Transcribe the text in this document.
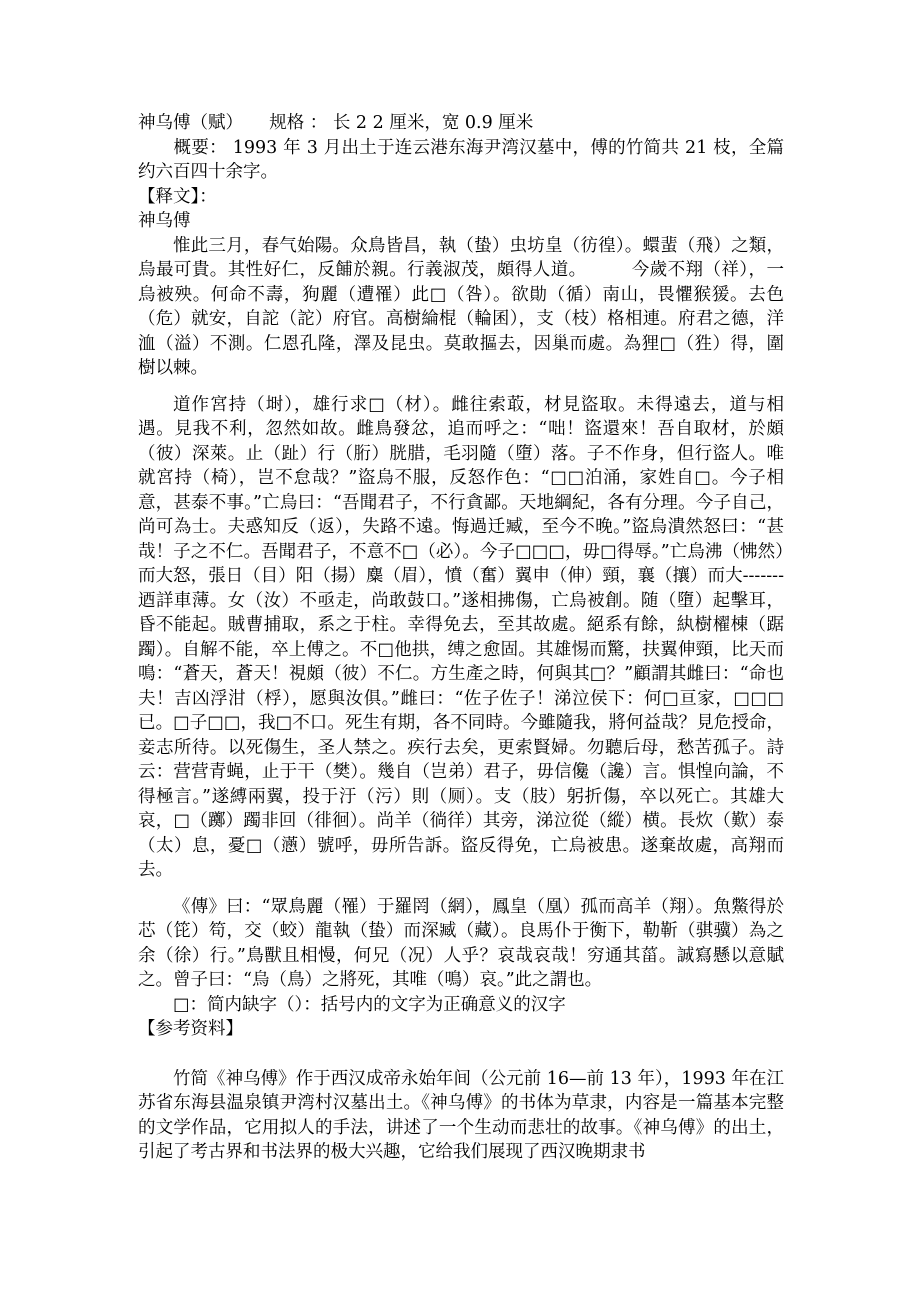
神乌傅（赋）　　规格 ： 长 2 2 厘米，宽 0.9 厘米

　　概要： 1993 年 3 月出土于连云港东海尹湾汉墓中，傅的竹简共 21 枝，全篇约六百四十余字。

【释文】：
神乌傅

惟此三月，春气始陽。众鳥皆昌，執（蛰）虫坊皇（彷徨）。蠉蜚（飛）之類，烏最可貴。其性好仁，反餔於親。行義淑茂，頗得人道。　　　今歲不翔（祥），一烏被殃。何命不壽，狗麗（遭罹）此□（咎）。欲勛（循）南山，畏懼猴猨。去色（危）就安，自詑（詑）府官。高樹綸棍（輪囷），支（枝）格相連。府君之德，洋洫（溢）不測。仁恩孔隆，澤及昆虫。莫敢摳去，因巢而處。為狸□（狌）得，圍樹以棘。

道作宮持（埘），雄行求□（材）。雌往索菆，材見盜取。未得遠去，道与相遇。見我不利，忽然如故。雌鳥發忿，追而呼之：“咄！盜還來！吾自取材，於頗（彼）深萊。止（趾）行（胻）胱腊，毛羽隨（墮）落。子不作身，但行盜人。唯就宮持（椅），岂不怠哉？”盜烏不服，反怒作色：“□□泊涌，家姓自□。今子相意，甚泰不事。”亡烏曰：“吾聞君子，不行貪鄙。天地綱紀，各有分理。今子自己，尚可為士。夫惑知反（返），失路不遠。悔過迁臧，至今不晚。”盜烏潰然怒曰：“甚哉！子之不仁。吾聞君子，不意不□（必）。今子□□□，毋□得辱。”亡烏沸（怫然）而大怒，張日（目）阳（揚）麋（眉），憤（奮）翼申（伸）頸，襄（攘）而大-------迺詳車薄。女（汝）不亟走，尚敢鼓口。”遂相拂傷，亡烏被創。随（墮）起擊耳，昏不能起。賊曹捕取，系之于柱。幸得免去，至其故處。絕系有餘，紈樹櫂棟（踞躅）。自解不能，卒上傅之。不□他拱，缚之愈固。其雄惕而驚，扶翼伸頸，比天而鳴：“蒼天，蒼天！視頗（彼）不仁。方生產之時，何與其□？”顧謂其雌曰：“命也夫！吉凶浮泔（桴），愿與汝俱。”雌曰：“佐子佐子！涕泣侯下：何□亘家，□□□已。□子□□，我□不口。死生有期，各不同時。今雖隨我，將何益哉？見危授命，妾志所待。以死傷生，圣人禁之。疾行去矣，更索賢婦。勿聽后母，愁苦孤子。詩云：营营青蝇，止于干（樊）。幾自（岂弟）君子，毋信儳（讒）言。惧惶向論，不得極言。”遂縛兩翼，投于汙（污）則（厕）。支（肢）躬折傷，卒以死亡。其雄大哀，□（躑）躅非回（徘徊）。尚羊（徜徉）其旁，涕泣從（縱）横。長炊（歎）泰（太）息，憂□（懣）號呼，毋所告訴。盜反得免，亡烏被患。遂棄故處，高翔而去。

《傳》曰：“眾鳥麗（罹）于羅罔（網），鳳皇（凰）孤而高羊（翔）。魚鱉得於芯（笓）笱，交（蛟）龍執（蛰）而深臧（藏）。良馬仆于衡下，勒靳（骐骥）為之余（徐）行。”鳥獸且相慢，何兄（况）人乎？哀哉哀哉！穷通其菑。誠寫懸以意賦之。曾子曰：“烏（鳥）之將死，其唯（鳴）哀。”此之謂也。

□：简内缺字（）：括号内的文字为正确意义的汉字
【参考资料】

竹简《神乌傅》作于西汉成帝永始年间（公元前 16—前 13 年），1993 年在江苏省东海县温泉镇尹湾村汉墓出土。《神乌傅》的书体为草隶，内容是一篇基本完整的文学作品，它用拟人的手法，讲述了一个生动而悲壮的故事。《神乌傅》的出土，引起了考古界和书法界的极大兴趣，它给我们展现了西汉晚期隶书
